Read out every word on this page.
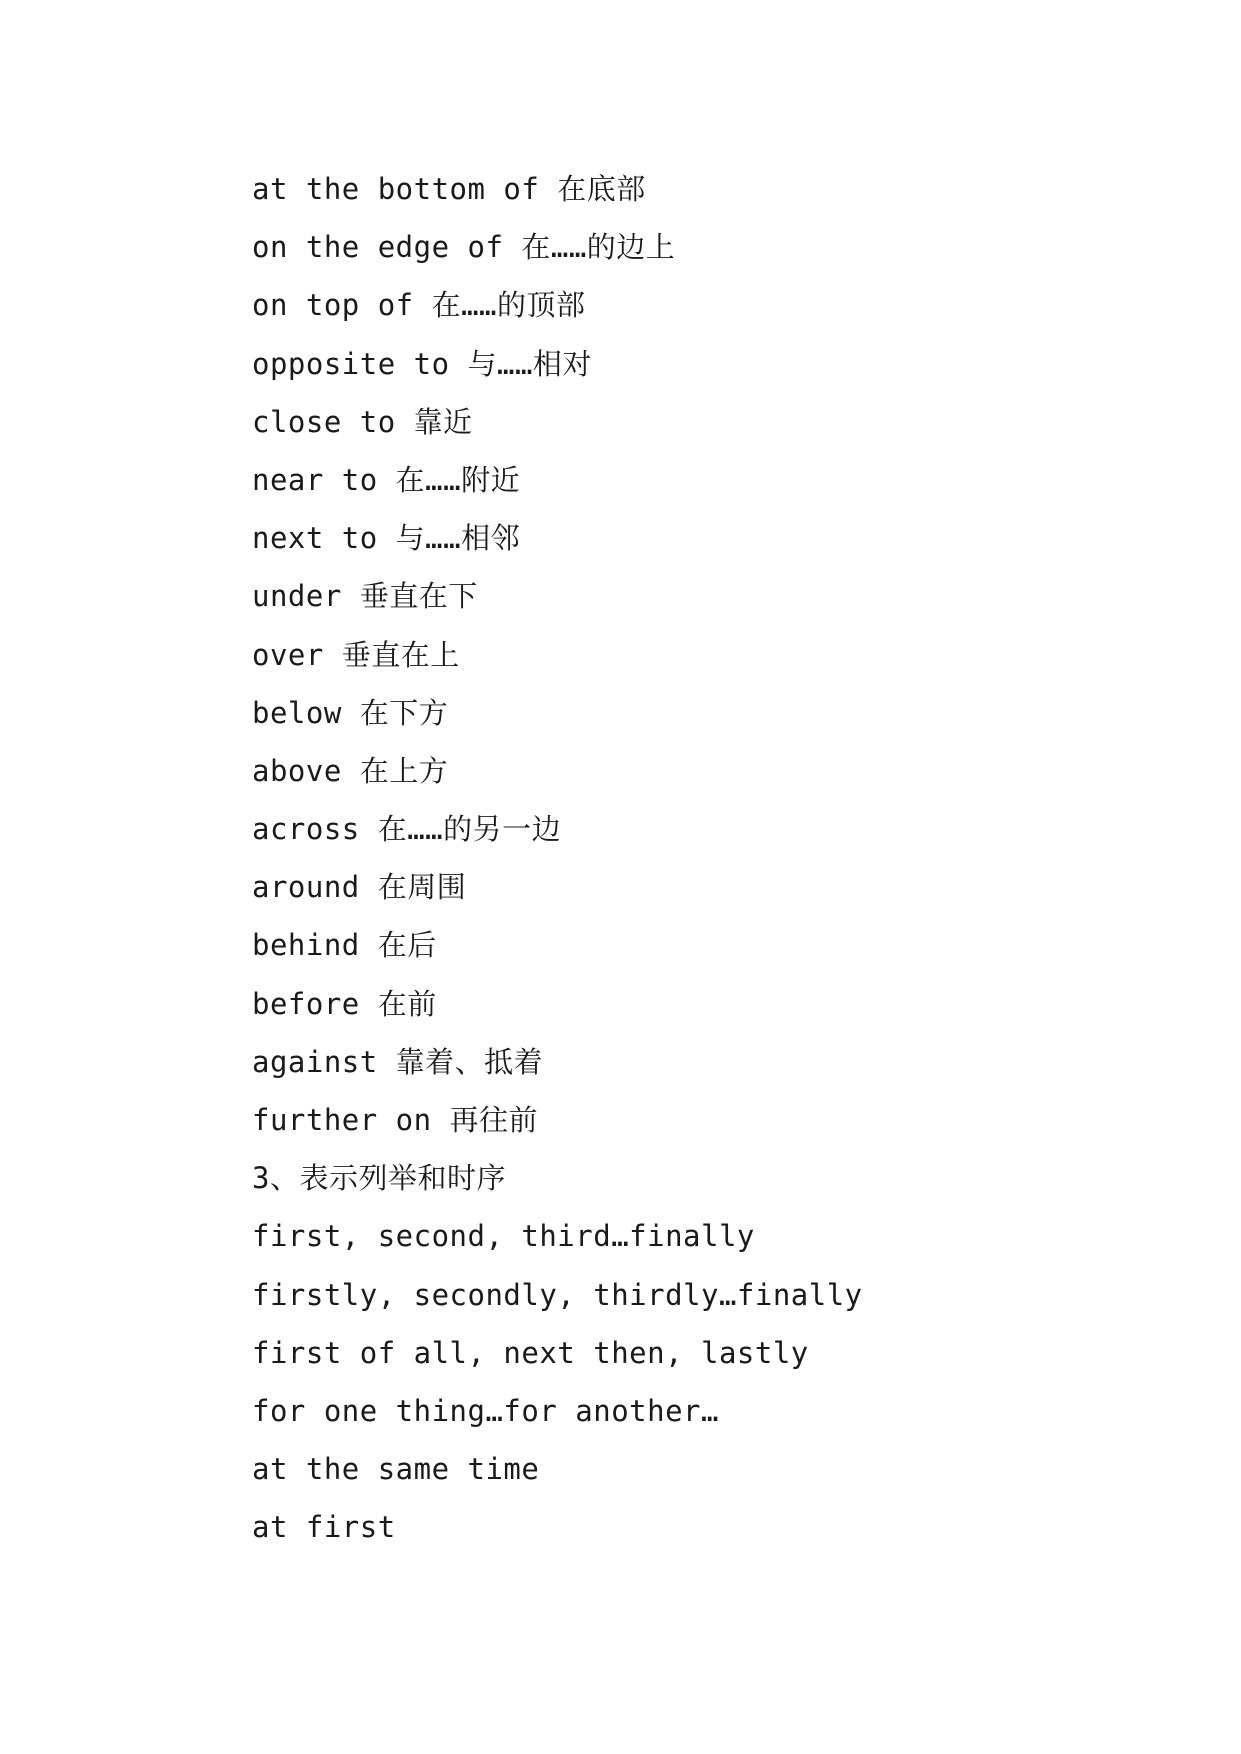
at the bottom of 在底部
on the edge of 在……的边上
on top of 在……的顶部
opposite to 与……相对
close to 靠近
near to 在……附近
next to 与……相邻
under 垂直在下
over 垂直在上
below 在下方
above 在上方
across 在……的另一边
around 在周围
behind 在后
before 在前
against 靠着、抵着
further on 再往前
3、表示列举和时序
first, second, third…finally
firstly, secondly, thirdly…finally
first of all, next then, lastly
for one thing…for another…
at the same time
at first
